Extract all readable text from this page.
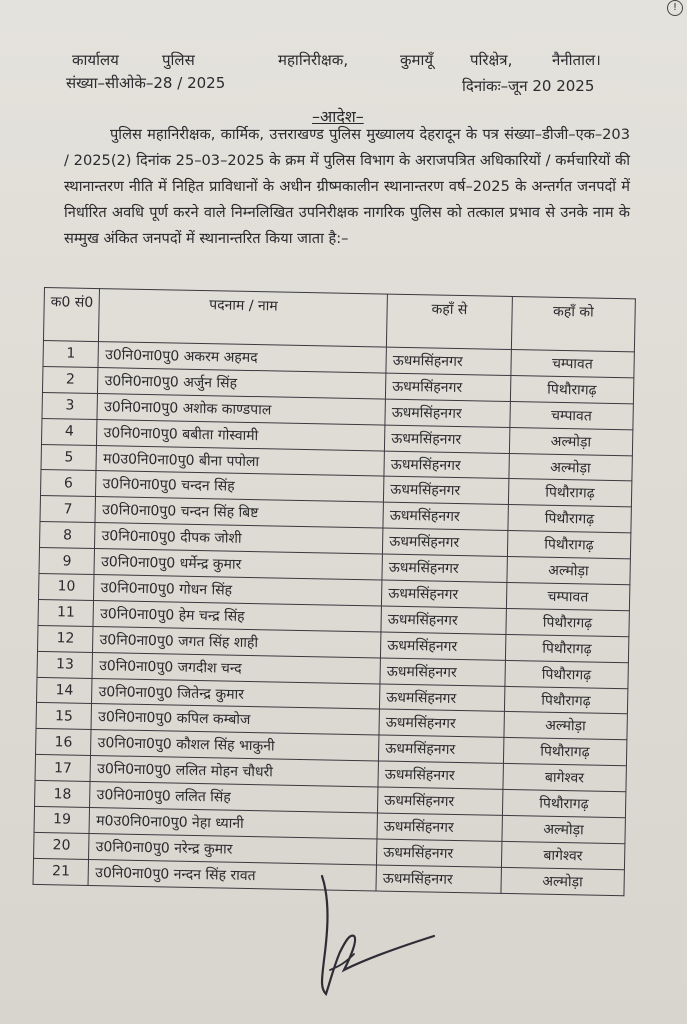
!
कार्यालय	पुलिस	महानिरीक्षक,	कुमायूँ परिक्षेत्र,	नैनीताल।
संख्या–सीओके–28 / 2025	दिनांकः–जून 20 2025
–आदेश–
पुलिस महानिरीक्षक, कार्मिक, उत्तराखण्ड पुलिस मुख्यालय देहरादून के पत्र संख्या–डीजी–एक–203 / 2025(2) दिनांक 25–03–2025 के क्रम में पुलिस विभाग के अराजपत्रित अधिकारियों / कर्मचारियों की स्थानान्तरण नीति में निहित प्राविधानों के अधीन ग्रीष्मकालीन स्थानान्तरण वर्ष–2025 के अन्तर्गत जनपदों में निर्धारित अवधि पूर्ण करने वाले निम्नलिखित उपनिरीक्षक नागरिक पुलिस को तत्काल प्रभाव से उनके नाम के सम्मुख अंकित जनपदों में स्थानान्तरित किया जाता है:–
क0 सं0	पदनाम / नाम	कहाँ से	कहाँ को
1	उ0नि0ना0पु0 अकरम अहमद	ऊधमसिंहनगर	चम्पावत
2	उ0नि0ना0पु0 अर्जुन सिंह	ऊधमसिंहनगर	पिथौरागढ़
3	उ0नि0ना0पु0 अशोक काण्डपाल	ऊधमसिंहनगर	चम्पावत
4	उ0नि0ना0पु0 बबीता गोस्वामी	ऊधमसिंहनगर	अल्मोड़ा
5	म0उ0नि0ना0पु0 बीना पपोला	ऊधमसिंहनगर	अल्मोड़ा
6	उ0नि0ना0पु0 चन्दन सिंह	ऊधमसिंहनगर	पिथौरागढ़
7	उ0नि0ना0पु0 चन्दन सिंह बिष्ट	ऊधमसिंहनगर	पिथौरागढ़
8	उ0नि0ना0पु0 दीपक जोशी	ऊधमसिंहनगर	पिथौरागढ़
9	उ0नि0ना0पु0 धर्मेन्द्र कुमार	ऊधमसिंहनगर	अल्मोड़ा
10	उ0नि0ना0पु0 गोधन सिंह	ऊधमसिंहनगर	चम्पावत
11	उ0नि0ना0पु0 हेम चन्द्र सिंह	ऊधमसिंहनगर	पिथौरागढ़
12	उ0नि0ना0पु0 जगत सिंह शाही	ऊधमसिंहनगर	पिथौरागढ़
13	उ0नि0ना0पु0 जगदीश चन्द	ऊधमसिंहनगर	पिथौरागढ़
14	उ0नि0ना0पु0 जितेन्द्र कुमार	ऊधमसिंहनगर	पिथौरागढ़
15	उ0नि0ना0पु0 कपिल कम्बोज	ऊधमसिंहनगर	अल्मोड़ा
16	उ0नि0ना0पु0 कौशल सिंह भाकुनी	ऊधमसिंहनगर	पिथौरागढ़
17	उ0नि0ना0पु0 ललित मोहन चौधरी	ऊधमसिंहनगर	बागेश्वर
18	उ0नि0ना0पु0 ललित सिंह	ऊधमसिंहनगर	पिथौरागढ़
19	म0उ0नि0ना0पु0 नेहा ध्यानी	ऊधमसिंहनगर	अल्मोड़ा
20	उ0नि0ना0पु0 नरेन्द्र कुमार	ऊधमसिंहनगर	बागेश्वर
21	उ0नि0ना0पु0 नन्दन सिंह रावत	ऊधमसिंहनगर	अल्मोड़ा
